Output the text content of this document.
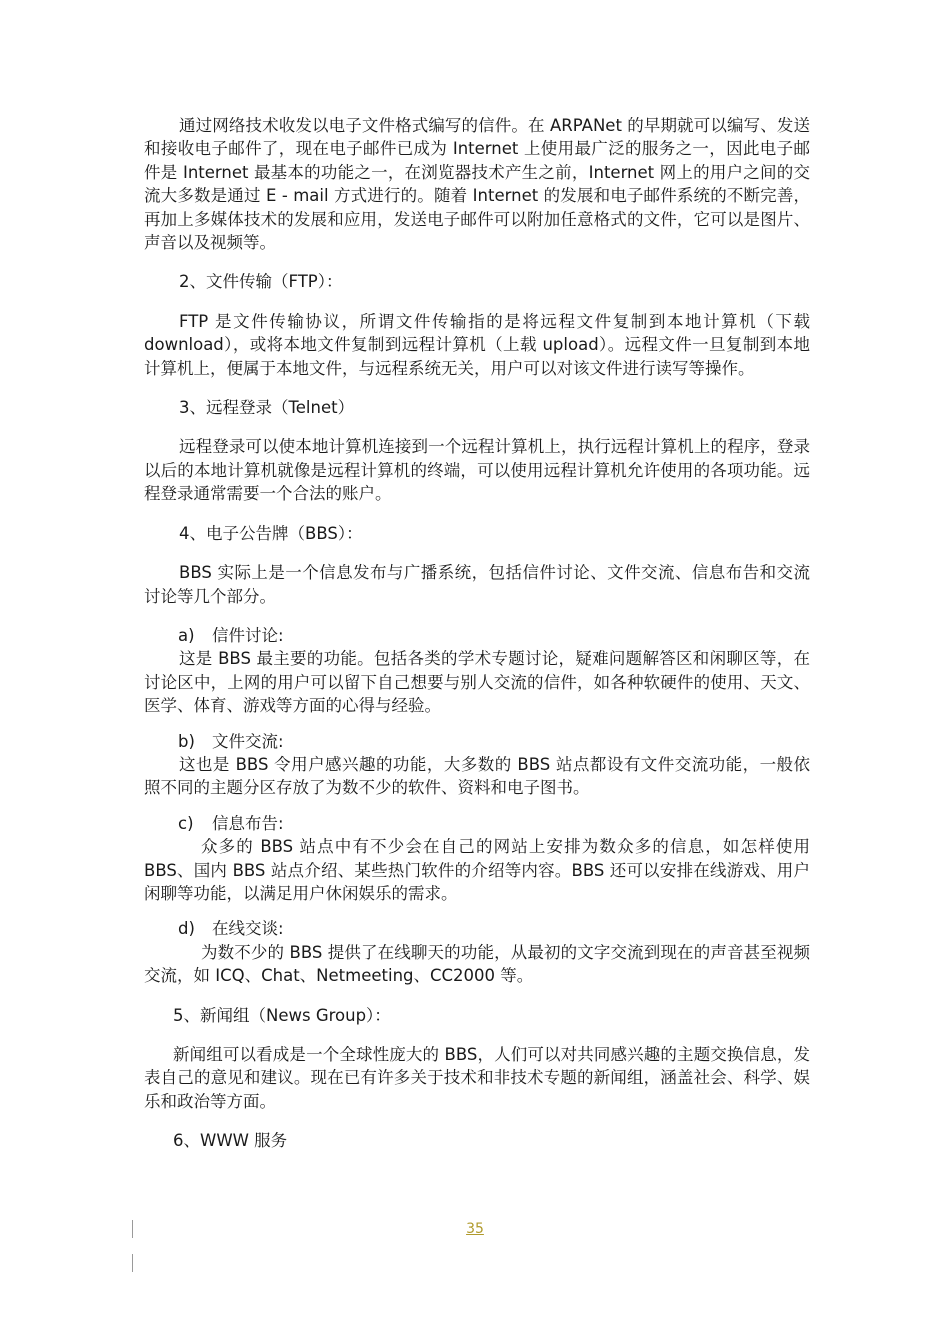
通过网络技术收发以电子文件格式编写的信件。在 ARPANet 的早期就可以编写、发送和接收电子邮件了，现在电子邮件已成为 Internet 上使用最广泛的服务之一，因此电子邮件是 Internet 最基本的功能之一，在浏览器技术产生之前，Internet 网上的用户之间的交流大多数是通过 E - mail 方式进行的。随着 Internet 的发展和电子邮件系统的不断完善，再加上多媒体技术的发展和应用，发送电子邮件可以附加任意格式的文件，它可以是图片、声音以及视频等。

2、文件传输（FTP）：

FTP 是文件传输协议，所谓文件传输指的是将远程文件复制到本地计算机（下载 download），或将本地文件复制到远程计算机（上载 upload）。远程文件一旦复制到本地计算机上，便属于本地文件，与远程系统无关，用户可以对该文件进行读写等操作。

3、远程登录（Telnet）

远程登录可以使本地计算机连接到一个远程计算机上，执行远程计算机上的程序，登录以后的本地计算机就像是远程计算机的终端，可以使用远程计算机允许使用的各项功能。远程登录通常需要一个合法的账户。

4、电子公告牌（BBS）：

BBS 实际上是一个信息发布与广播系统，包括信件讨论、文件交流、信息布告和交流讨论等几个部分。

a) 信件讨论:

这是 BBS 最主要的功能。包括各类的学术专题讨论，疑难问题解答区和闲聊区等，在讨论区中，上网的用户可以留下自己想要与别人交流的信件，如各种软硬件的使用、天文、医学、体育、游戏等方面的心得与经验。

b) 文件交流:

这也是 BBS 令用户感兴趣的功能，大多数的 BBS 站点都设有文件交流功能，一般依照不同的主题分区存放了为数不少的软件、资料和电子图书。

c) 信息布告:

众多的 BBS 站点中有不少会在自己的网站上安排为数众多的信息，如怎样使用 BBS、国内 BBS 站点介绍、某些热门软件的介绍等内容。BBS 还可以安排在线游戏、用户闲聊等功能，以满足用户休闲娱乐的需求。

d) 在线交谈:

为数不少的 BBS 提供了在线聊天的功能，从最初的文字交流到现在的声音甚至视频交流，如 ICQ、Chat、Netmeeting、CC2000 等。

5、新闻组（News Group）：

新闻组可以看成是一个全球性庞大的 BBS，人们可以对共同感兴趣的主题交换信息，发表自己的意见和建议。现在已有许多关于技术和非技术专题的新闻组，涵盖社会、科学、娱乐和政治等方面。

6、WWW 服务

35
